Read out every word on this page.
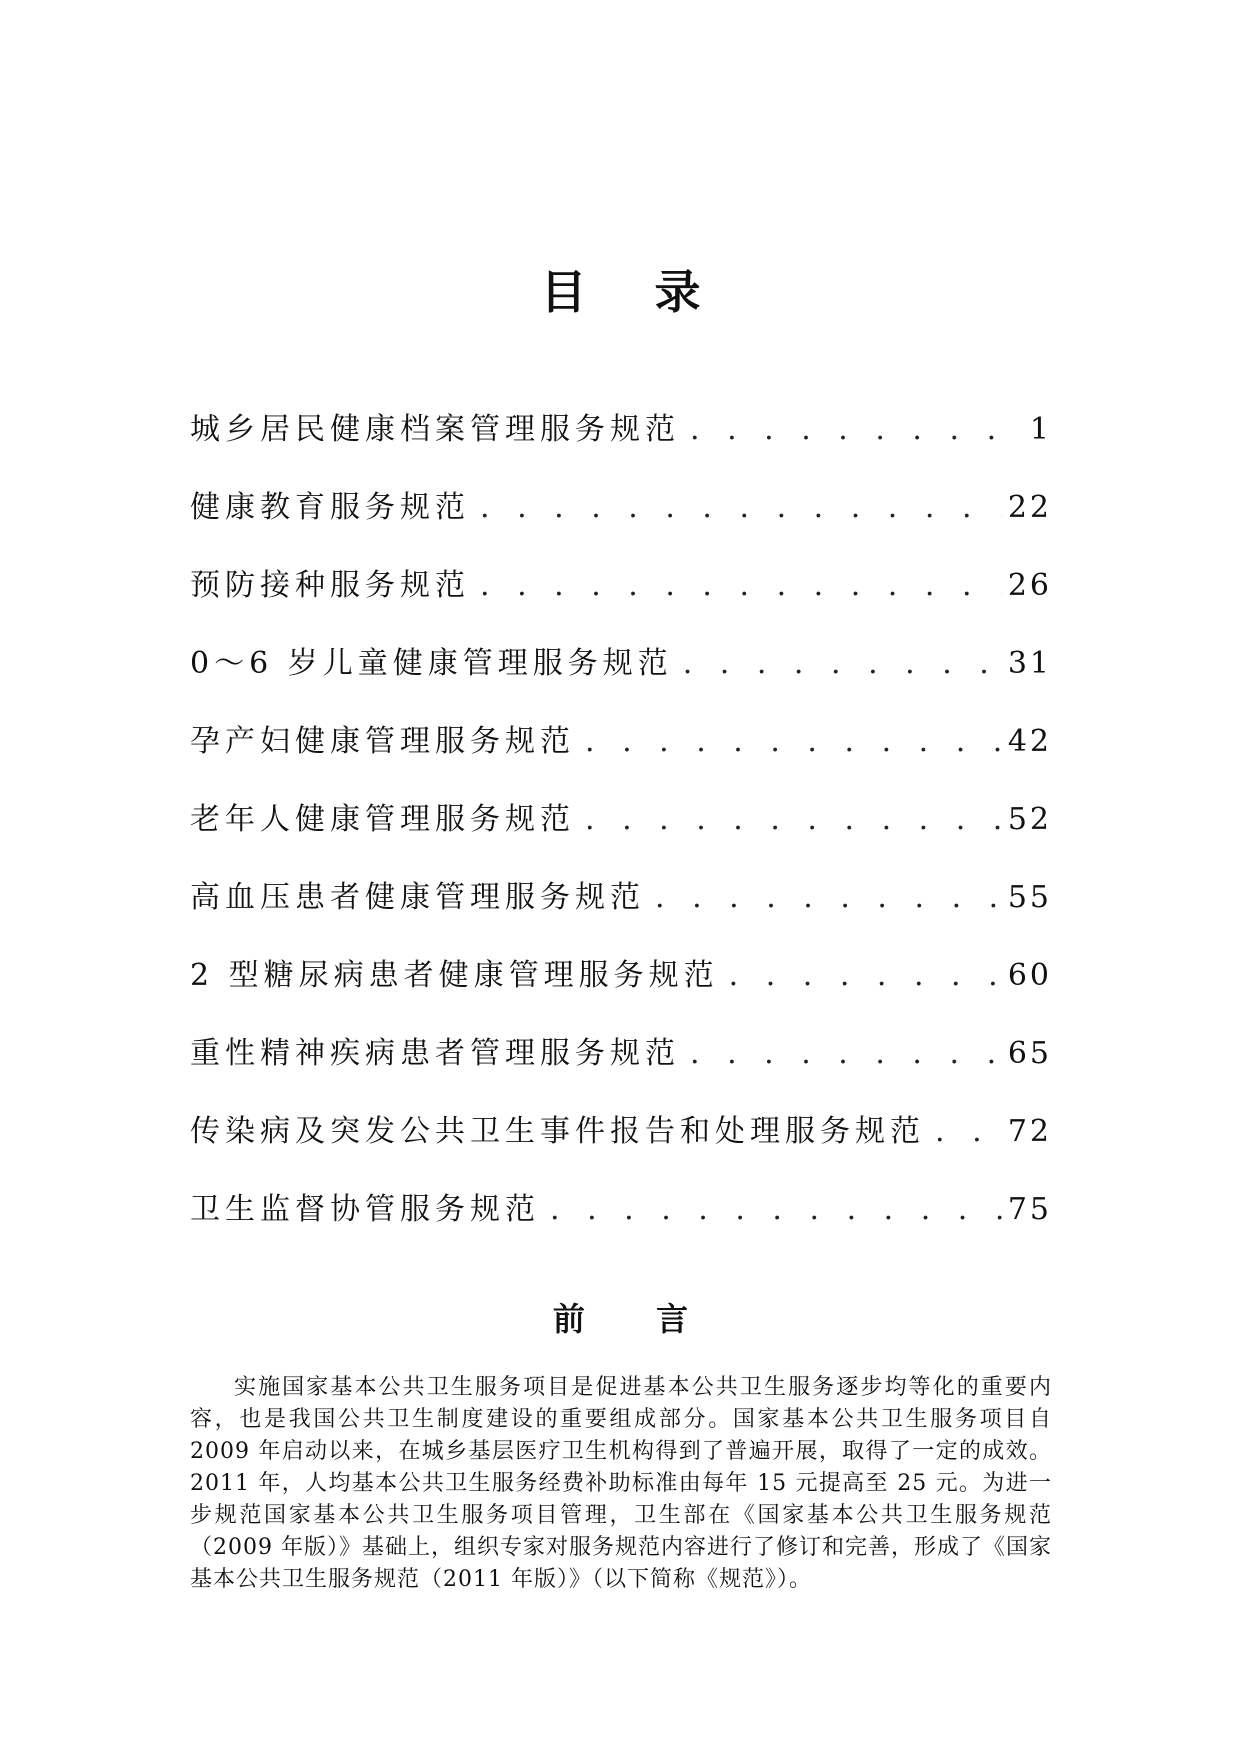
目 录
城乡居民健康档案管理服务规范 . . .	1
健康教育服务规范 . . .	22
预防接种服务规范 . . .	26
0～6 岁儿童健康管理服务规范 . . .	31
孕产妇健康管理服务规范 . . .	42
老年人健康管理服务规范 . . .	52
高血压患者健康管理服务规范 . . .	55
2 型糖尿病患者健康管理服务规范 . . .	60
重性精神疾病患者管理服务规范 . . .	65
传染病及突发公共卫生事件报告和处理服务规范 . . .	72
卫生监督协管服务规范 . . .	75
前 言

实施国家基本公共卫生服务项目是促进基本公共卫生服务逐步均等化的重要内容，也是我国公共卫生制度建设的重要组成部分。国家基本公共卫生服务项目自 2009 年启动以来，在城乡基层医疗卫生机构得到了普遍开展，取得了一定的成效。2011 年，人均基本公共卫生服务经费补助标准由每年 15 元提高至 25 元。为进一步规范国家基本公共卫生服务项目管理，卫生部在《国家基本公共卫生服务规范（2009 年版）》基础上，组织专家对服务规范内容进行了修订和完善，形成了《国家基本公共卫生服务规范（2011 年版）》（以下简称《规范》）。
